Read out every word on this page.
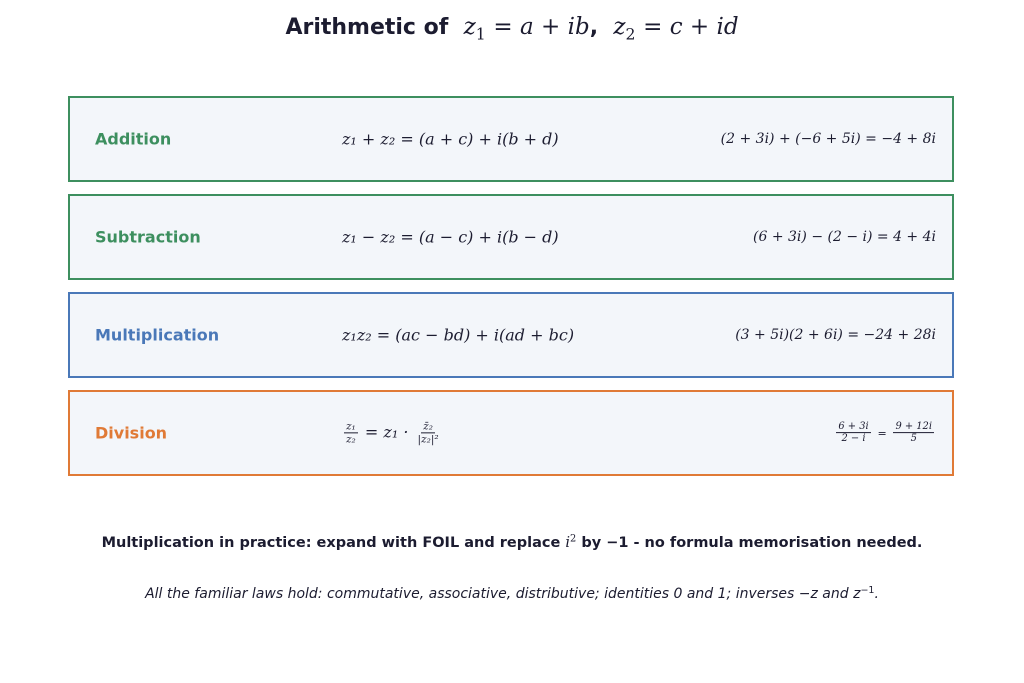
Arithmetic of $z_1 = a$ + ib, $z_2 = c$ + id
Addition	z₁ + z₂ = (a + c) + i(b + d)	(2 + 3i) + (−6 + 5i) = −4 + 8i
Subtraction	z₁ − z₂ = (a − c) + i(b − d)	(6 + 3i) − (2 − i) = 4 + 4i
Multiplication	z₁z₂ = (ac − bd) + i(ad + bc)	(3 + 5i)(2 + 6i) = −24 + 28i
Division	$\frac{\text{z₁}}{\text{z₂}} = z_1 \cdot \frac{\text{z̄₂}}{\text{|z₂|²}}$	$\frac{6 + 3i}{2 - i} = \frac{9 + 12i}{5}$
Multiplication in practice: expand with FOIL and replace $i^2$ by −1 - no formula memorisation needed.
All the familiar laws hold: commutative, associative, distributive; identities 0 and 1; inverses −z and $z^{-1}$.
